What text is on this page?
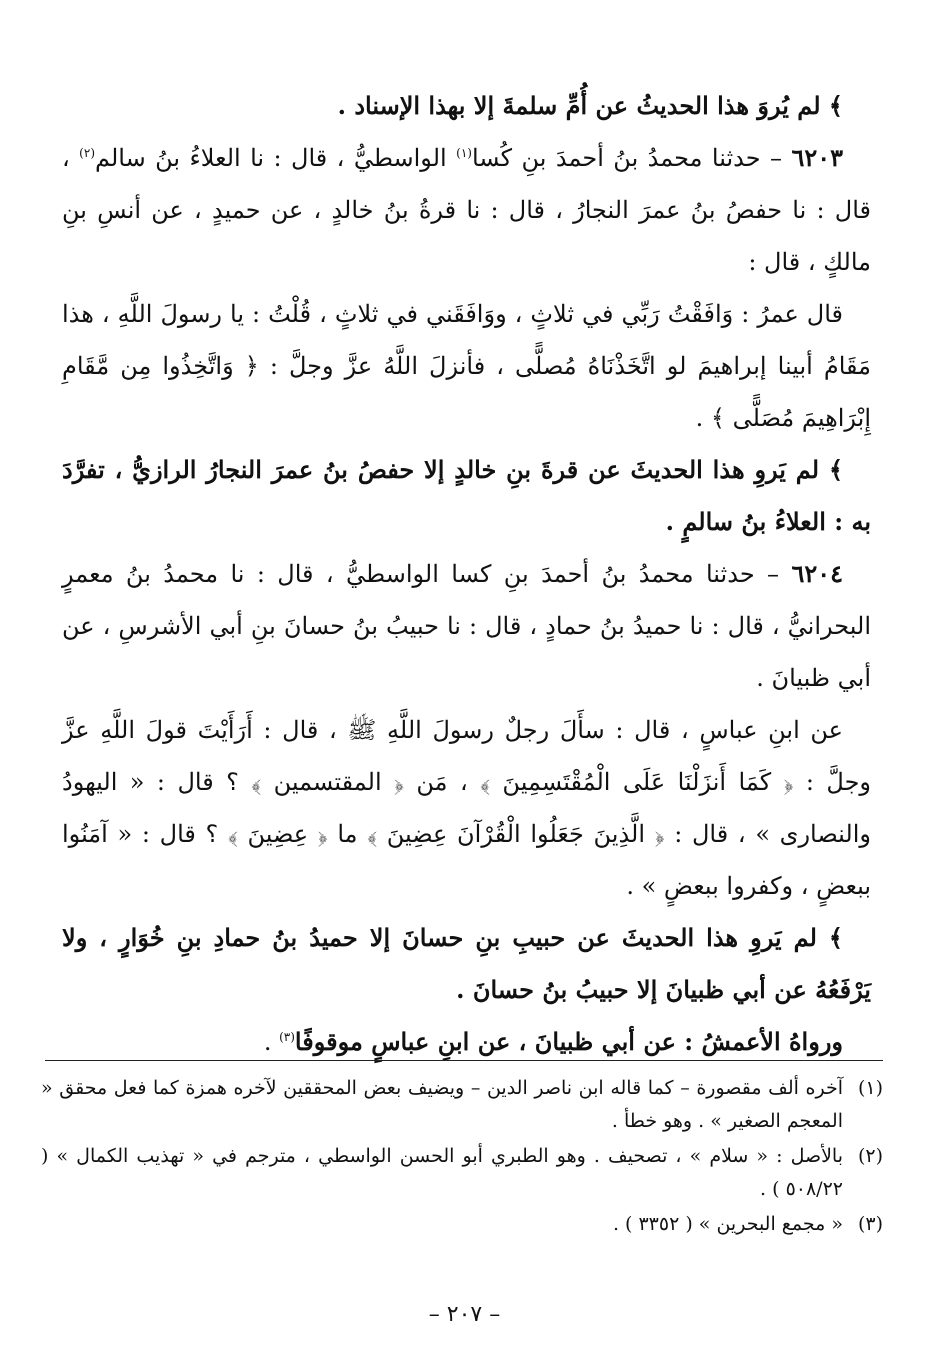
﴾ لم يُروَ هذا الحديثُ عن أُمِّ سلمةَ إلا بهذا الإسناد .

٦٢٠٣ – حدثنا محمدُ بنُ أحمدَ بنِ كُسا$^{(١)}$ الواسطيُّ ، قال : نا العلاءُ بنُ سالم$^{(٢)}$ ، قال : نا حفصُ بنُ عمرَ النجارُ ، قال : نا قرةُ بنُ خالدٍ ، عن حميدٍ ، عن أنسِ بنِ مالكٍ ، قال :

قال عمرُ : وَافَقْتُ رَبِّي في ثلاثٍ ، ووَافَقَني في ثلاثٍ ، قُلْتُ : يا رسولَ اللَّهِ ، هذا مَقَامُ أبينا إبراهيمَ لو اتَّخَذْنَاهُ مُصلًّى ، فأنزلَ اللَّهُ عزَّ وجلَّ : ﴿ وَاتَّخِذُوا مِن مَّقَامِ إِبْرَاهِيمَ مُصَلًّى ﴾ .

﴾ لم يَروِ هذا الحديثَ عن قرةَ بنِ خالدٍ إلا حفصُ بنُ عمرَ النجارُ الرازيُّ ، تفرَّدَ به : العلاءُ بنُ سالمٍ .

٦٢٠٤ – حدثنا محمدُ بنُ أحمدَ بنِ كسا الواسطيُّ ، قال : نا محمدُ بنُ معمرٍ البحرانيُّ ، قال : نا حميدُ بنُ حمادٍ ، قال : نا حبيبُ بنُ حسانَ بنِ أبي الأشرسِ ، عن أبي ظبيانَ .

عن ابنِ عباسٍ ، قال : سأَلَ رجلٌ رسولَ اللَّهِ ﷺ ، قال : أَرَأَيْتَ قولَ اللَّهِ عزَّ وجلَّ : ﴿ كَمَا أَنزَلْنَا عَلَى الْمُقْتَسِمِينَ ﴾ ، مَن ﴿ المقتسمين ﴾ ؟ قال : « اليهودُ والنصارى » ، قال : ﴿ الَّذِينَ جَعَلُوا الْقُرْآنَ عِضِينَ ﴾ ما ﴿ عِضِينَ ﴾ ؟ قال : « آمَنُوا ببعضٍ ، وكفروا ببعضٍ » .

﴾ لم يَروِ هذا الحديثَ عن حبيبِ بنِ حسانَ إلا حميدُ بنُ حمادِ بنِ خُوَارٍ ، ولا يَرْفَعُهُ عن أبي ظبيانَ إلا حبيبُ بنُ حسانَ .

ورواهُ الأعمشُ : عن أبي ظبيانَ ، عن ابنِ عباسٍ موقوفًا$^{(٣)}$ .

(١)
آخره ألف مقصورة – كما قاله ابن ناصر الدين – ويضيف بعض المحققين لآخره همزة كما فعل محقق « المعجم الصغير » . وهو خطأ .
(٢)
بالأصل : « سلام » ، تصحيف . وهو الطبري أبو الحسن الواسطي ، مترجم في « تهذيب الكمال » ( ٥٠٨/٢٢ ) .
(٣)
« مجمع البحرين » ( ٣٣٥٢ ) .
– ٢٠٧ –
